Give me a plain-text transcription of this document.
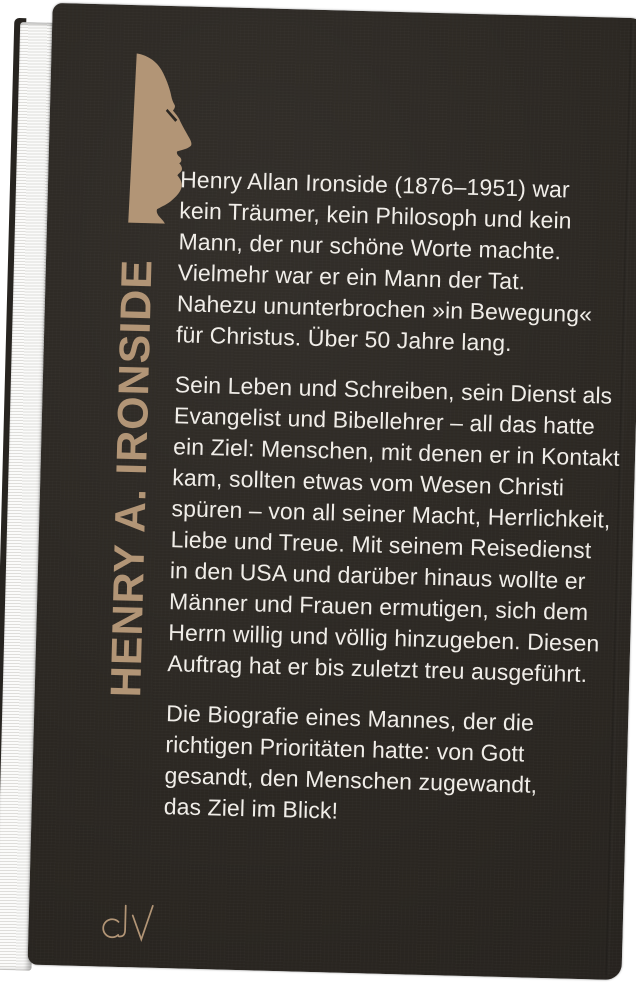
HENRY A. IRONSIDE
Henry Allan Ironside (1876–1951) war
kein Träumer, kein Philosoph und kein
Mann, der nur schöne Worte machte.
Vielmehr war er ein Mann der Tat.
Nahezu ununterbrochen »in Bewegung«
für Christus. Über 50 Jahre lang.
Sein Leben und Schreiben, sein Dienst als
Evangelist und Bibellehrer – all das hatte
ein Ziel: Menschen, mit denen er in Kontakt
kam, sollten etwas vom Wesen Christi
spüren – von all seiner Macht, Herrlichkeit,
Liebe und Treue. Mit seinem Reisedienst
in den USA und darüber hinaus wollte er
Männer und Frauen ermutigen, sich dem
Herrn willig und völlig hinzugeben. Diesen
Auftrag hat er bis zuletzt treu ausgeführt.
Die Biografie eines Mannes, der die
richtigen Prioritäten hatte: von Gott
gesandt, den Menschen zugewandt,
das Ziel im Blick!
